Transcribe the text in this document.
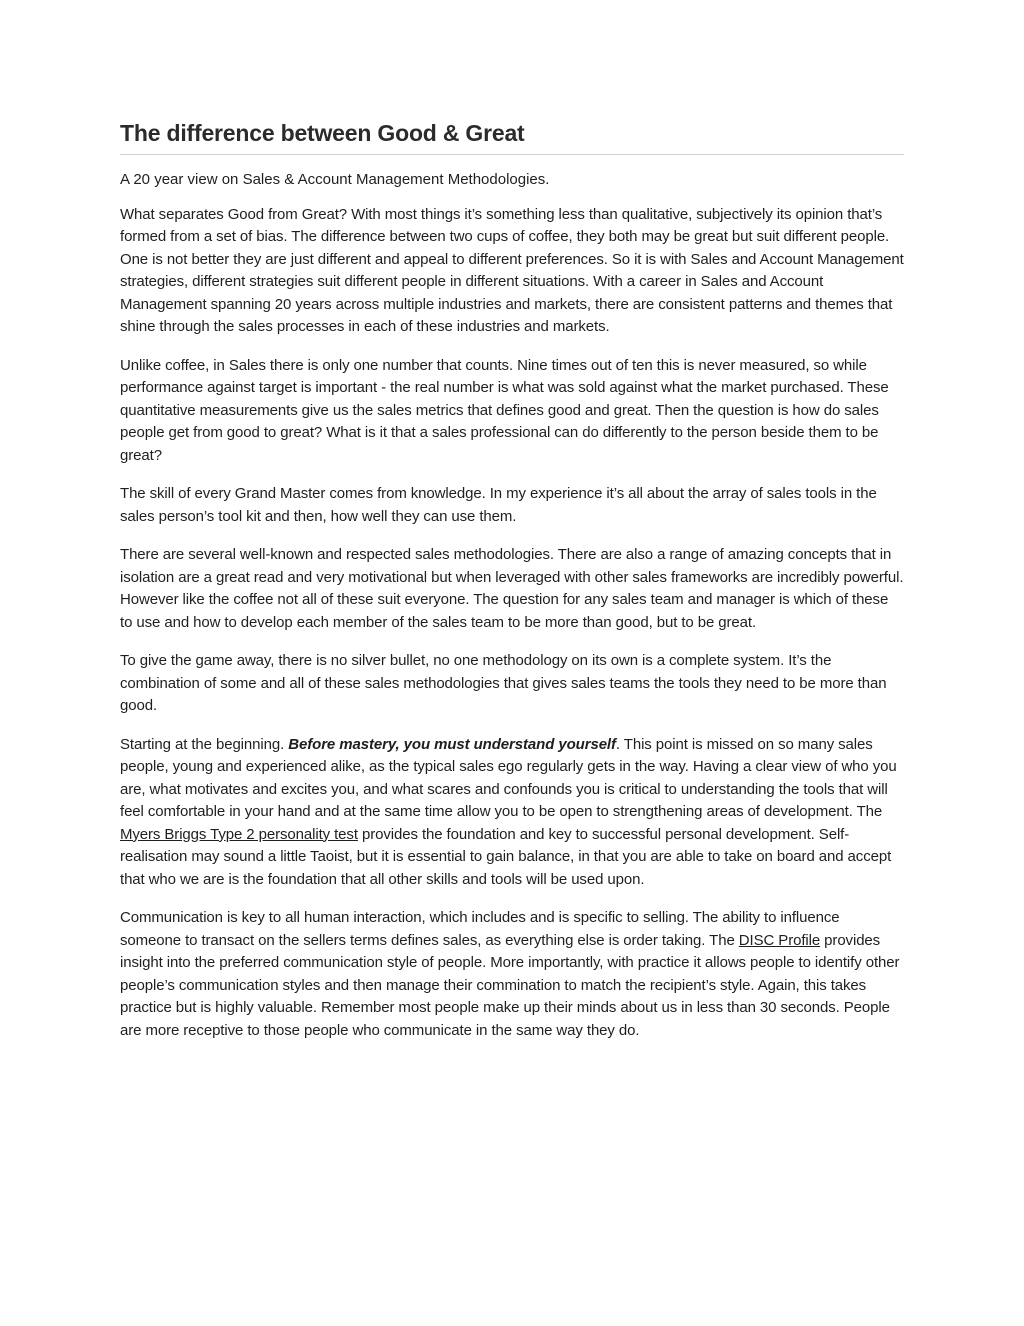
The difference between Good & Great

A 20 year view on Sales & Account Management Methodologies.

What separates Good from Great? With most things it’s something less than qualitative, subjectively its opinion that’s formed from a set of bias. The difference between two cups of coffee, they both may be great but suit different people. One is not better they are just different and appeal to different preferences. So it is with Sales and Account Management strategies, different strategies suit different people in different situations. With a career in Sales and Account Management spanning 20 years across multiple industries and markets, there are consistent patterns and themes that shine through the sales processes in each of these industries and markets.

Unlike coffee, in Sales there is only one number that counts. Nine times out of ten this is never measured, so while performance against target is important - the real number is what was sold against what the market purchased. These quantitative measurements give us the sales metrics that defines good and great. Then the question is how do sales people get from good to great? What is it that a sales professional can do differently to the person beside them to be great?

The skill of every Grand Master comes from knowledge. In my experience it’s all about the array of sales tools in the sales person’s tool kit and then, how well they can use them.

There are several well-known and respected sales methodologies. There are also a range of amazing concepts that in isolation are a great read and very motivational but when leveraged with other sales frameworks are incredibly powerful. However like the coffee not all of these suit everyone. The question for any sales team and manager is which of these to use and how to develop each member of the sales team to be more than good, but to be great.

To give the game away, there is no silver bullet, no one methodology on its own is a complete system. It’s the combination of some and all of these sales methodologies that gives sales teams the tools they need to be more than good.

Starting at the beginning. Before mastery, you must understand yourself. This point is missed on so many sales people, young and experienced alike, as the typical sales ego regularly gets in the way. Having a clear view of who you are, what motivates and excites you, and what scares and confounds you is critical to understanding the tools that will feel comfortable in your hand and at the same time allow you to be open to strengthening areas of development. The Myers Briggs Type 2 personality test provides the foundation and key to successful personal development. Self-realisation may sound a little Taoist, but it is essential to gain balance, in that you are able to take on board and accept that who we are is the foundation that all other skills and tools will be used upon.

Communication is key to all human interaction, which includes and is specific to selling. The ability to influence someone to transact on the sellers terms defines sales, as everything else is order taking. The DISC Profile provides insight into the preferred communication style of people. More importantly, with practice it allows people to identify other people’s communication styles and then manage their commination to match the recipient’s style. Again, this takes practice but is highly valuable. Remember most people make up their minds about us in less than 30 seconds. People are more receptive to those people who communicate in the same way they do.
